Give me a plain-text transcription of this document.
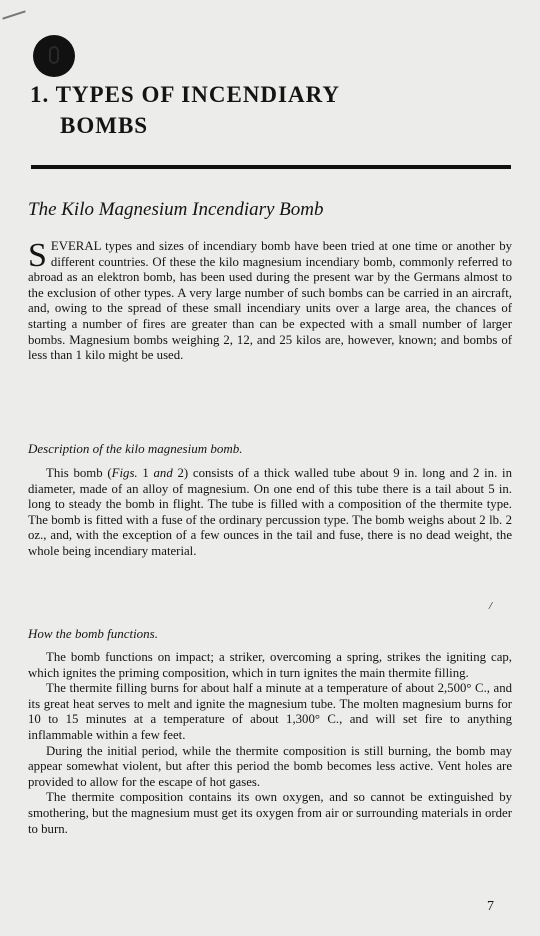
1. TYPES OF INCENDIARY
BOMBS
The Kilo Magnesium Incendiary Bomb

SEVERAL types and sizes of incendiary bomb have been tried at one time or another by different countries. Of these the kilo magnesium incendiary bomb, commonly referred to abroad as an elektron bomb, has been used during the present war by the Germans almost to the exclusion of other types. A very large number of such bombs can be carried in an aircraft, and, owing to the spread of these small incendiary units over a large area, the chances of starting a number of fires are greater than can be expected with a small number of larger bombs. Magnesium bombs weighing 2, 12, and 25 kilos are, however, known; and bombs of less than 1 kilo might be used.

Description of the kilo magnesium bomb.

This bomb (Figs. 1 and 2) consists of a thick walled tube about 9 in. long and 2 in. in diameter, made of an alloy of magnesium. On one end of this tube there is a tail about 5 in. long to steady the bomb in flight. The tube is filled with a composition of the thermite type. The bomb is fitted with a fuse of the ordinary percussion type. The bomb weighs about 2 lb. 2 oz., and, with the exception of a few ounces in the tail and fuse, there is no dead weight, the whole being incendiary material.

/
How the bomb functions.

The bomb functions on impact; a striker, overcoming a spring, strikes the igniting cap, which ignites the priming composition, which in turn ignites the main thermite filling.

The thermite filling burns for about half a minute at a temperature of about 2,500° C., and its great heat serves to melt and ignite the magnesium tube. The molten magnesium burns for 10 to 15 minutes at a temperature of about 1,300° C., and will set fire to anything inflammable within a few feet.

During the initial period, while the thermite composition is still burning, the bomb may appear somewhat violent, but after this period the bomb becomes less active. Vent holes are provided to allow for the escape of hot gases.

The thermite composition contains its own oxygen, and so cannot be extinguished by smothering, but the magnesium must get its oxygen from air or surrounding materials in order to burn.

7
